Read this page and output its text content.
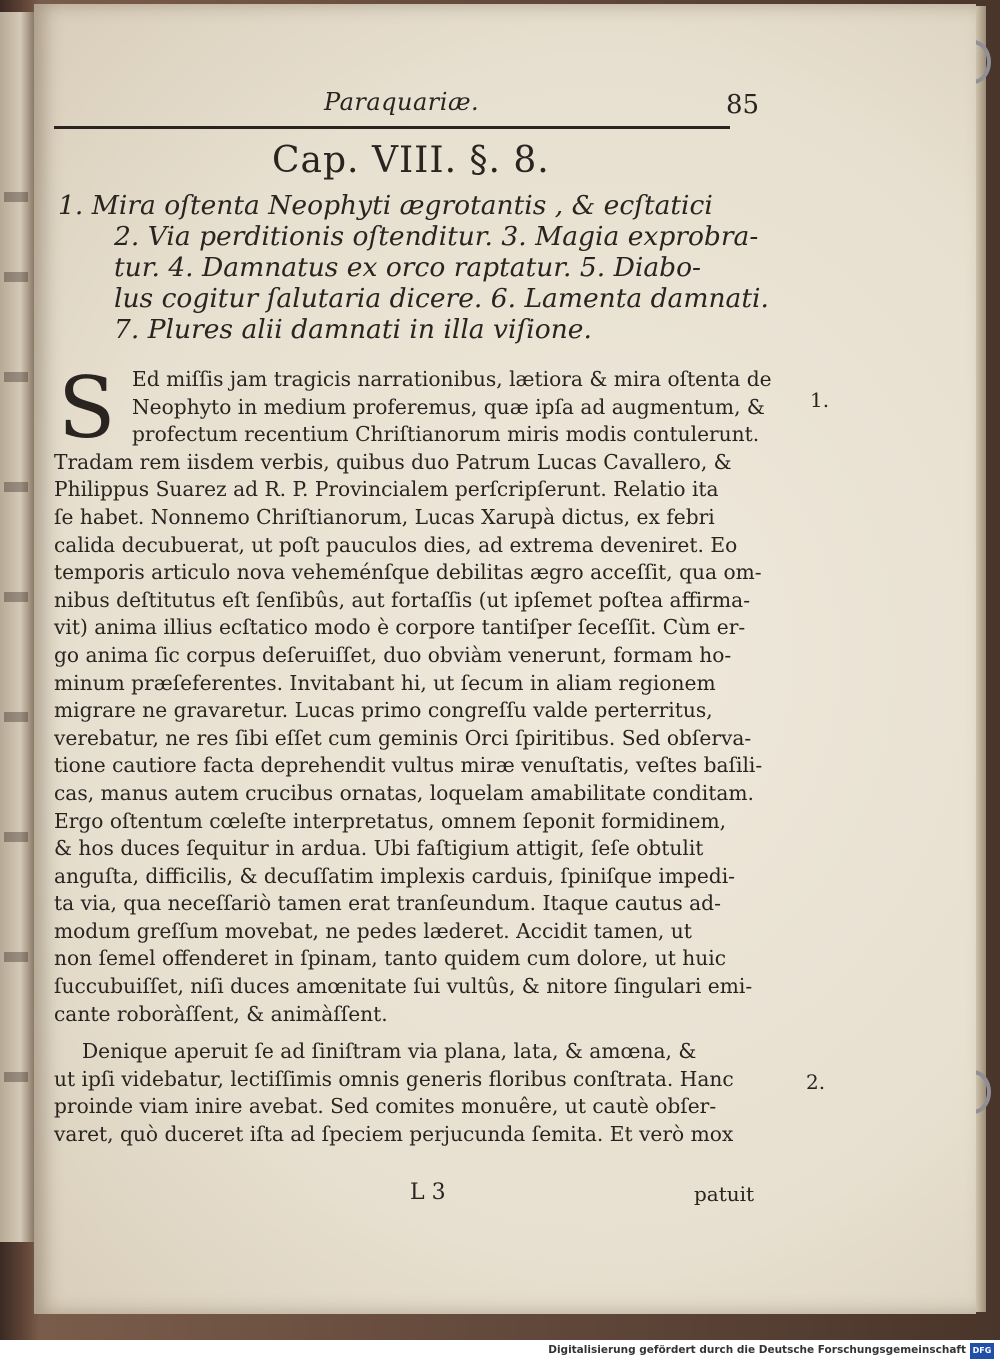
Paraquariæ.	85
Cap. VIII. §. 8.
1. Mira oſtenta Neophyti ægrotantis , & ecſtatici
2. Via perditionis oſtenditur. 3. Magia exprobra-
tur. 4. Damnatus ex orco raptatur. 5. Diabo-
lus cogitur ſalutaria dicere. 6. Lamenta damnati.
7. Plures alii damnati in illa viſione.
S Ed miſſis jam tragicis narrationibus, lætiora & mira oſtenta de
Neophyto in medium proferemus, quæ ipſa ad augmentum, &
profectum recentium Chriſtianorum miris modis contulerunt.
Tradam rem iisdem verbis, quibus duo Patrum Lucas Cavallero, &
Philippus Suarez ad R. P. Provincialem perſcripſerunt. Relatio ita
ſe habet. Nonnemo Chriſtianorum, Lucas Xarupà dictus, ex febri
calida decubuerat, ut poſt pauculos dies, ad extrema deveniret. Eo
temporis articulo nova veheménſque debilitas ægro acceſſit, qua om-
nibus deſtitutus eſt ſenſibûs, aut fortaſſis (ut ipſemet poſtea affirma-
vit) anima illius ecſtatico modo è corpore tantiſper ſeceſſit. Cùm er-
go anima ſic corpus deſeruiſſet, duo obviàm venerunt, formam ho-
minum præſeferentes. Invitabant hi, ut ſecum in aliam regionem
migrare ne gravaretur. Lucas primo congreſſu valde perterritus,
verebatur, ne res ſibi eſſet cum geminis Orci ſpiritibus. Sed obſerva-
tione cautiore facta deprehendit vultus miræ venuſtatis, veſtes baſili-
cas, manus autem crucibus ornatas, loquelam amabilitate conditam.
Ergo oſtentum cœleſte interpretatus, omnem ſeponit formidinem,
& hos duces ſequitur in ardua. Ubi faſtigium attigit, ſeſe obtulit
anguſta, difficilis, & decuſſatim implexis carduis, ſpiniſque impedi-
ta via, qua neceſſariò tamen erat tranſeundum. Itaque cautus ad-
modum greſſum movebat, ne pedes læderet. Accidit tamen, ut
non ſemel offenderet in ſpinam, tanto quidem cum dolore, ut huic
ſuccubuiſſet, niſi duces amœnitate ſui vultûs, & nitore ſingulari emi-
cante roboràſſent, & animàſſent.
Denique aperuit ſe ad ſiniſtram via plana, lata, & amœna, &
ut ipſi videbatur, lectiſſimis omnis generis floribus conſtrata. Hanc
proinde viam inire avebat. Sed comites monuêre, ut cautè obſer-
varet, quò duceret iſta ad ſpeciem perjucunda ſemita. Et verò mox
1.
2.
L 3	patuit
Digitalisierung gefördert durch die Deutsche Forschungsgemeinschaft DFG
